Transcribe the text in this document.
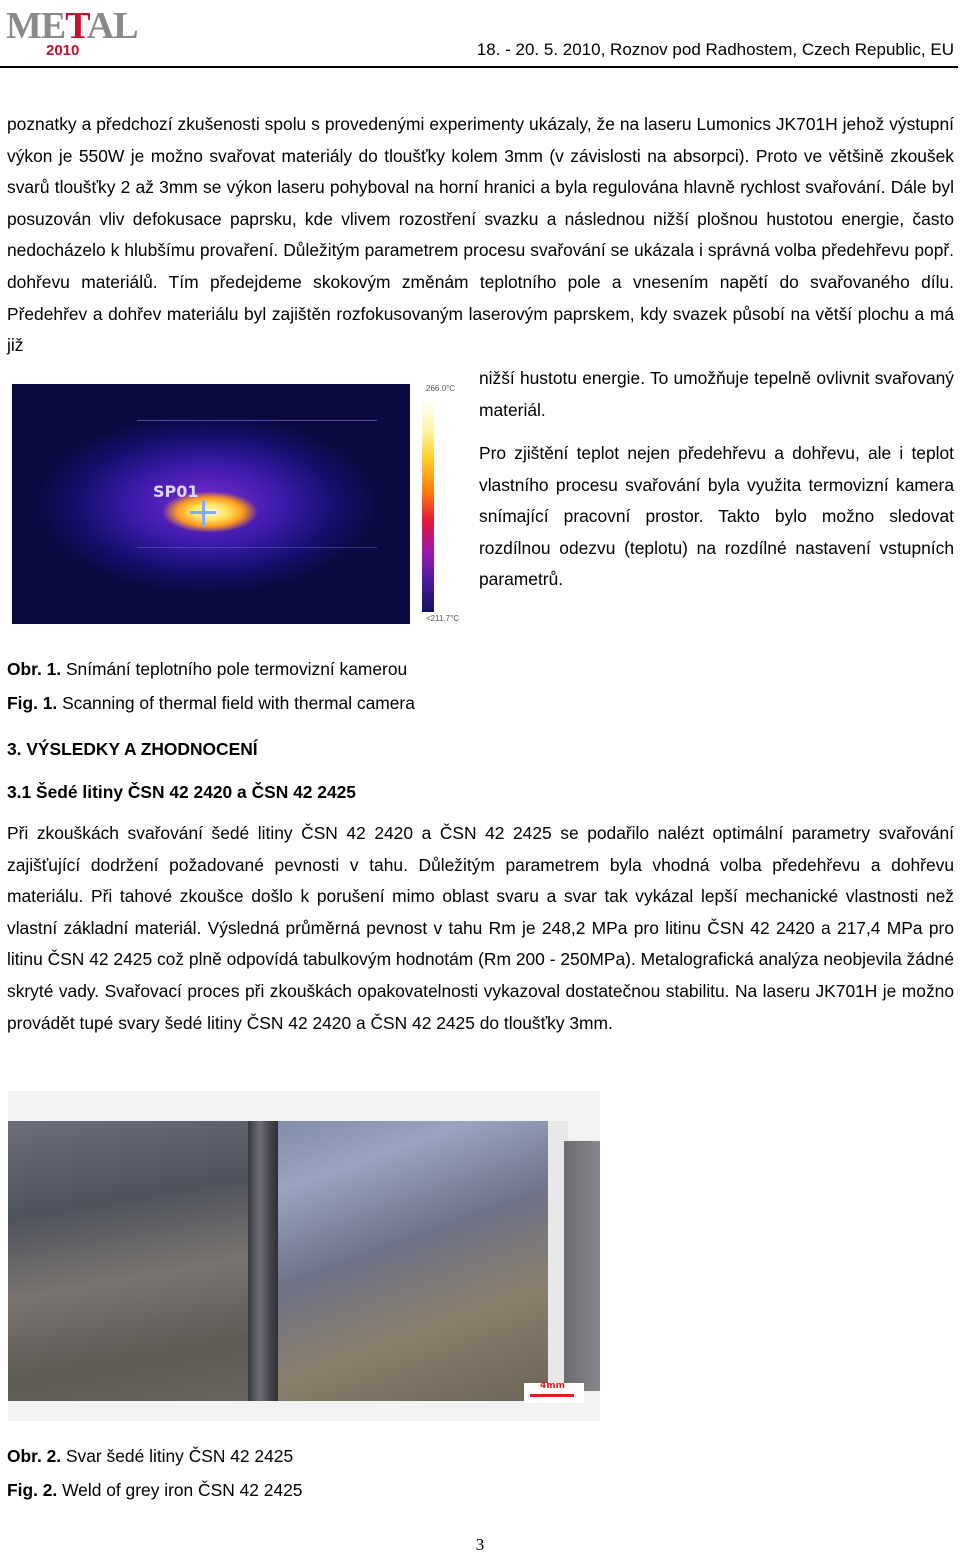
METAL
2010	18. - 20. 5. 2010, Roznov pod Radhostem, Czech Republic, EU

poznatky a předchozí zkušenosti spolu s provedenými experimenty ukázaly, že na laseru Lumonics JK701H jehož výstupní výkon je 550W je možno svařovat materiály do tloušťky kolem 3mm (v závislosti na absorpci). Proto ve většině zkoušek svarů tloušťky 2 až 3mm se výkon laseru pohyboval na horní hranici a byla regulována hlavně rychlost svařování. Dále byl posuzován vliv defokusace paprsku, kde vlivem rozostření svazku a následnou nižší plošnou hustotou energie, často nedocházelo k hlubšímu provaření. Důležitým parametrem procesu svařování se ukázala i správná volba předehřevu popř. dohřevu materiálů. Tím předejdeme skokovým změnám teplotního pole a vnesením napětí do svařovaného dílu. Předehřev a dohřev materiálu byl zajištěn rozfokusovaným laserovým paprskem, kdy svazek působí na větší plochu a má již

SP01
266.0°C
<211.7°C

nižší hustotu energie. To umožňuje tepelně ovlivnit svařovaný materiál.

Pro zjištění teplot nejen předehřevu a dohřevu, ale i teplot vlastního procesu svařování byla využita termovizní kamera snímající pracovní prostor. Takto bylo možno sledovat rozdílnou odezvu (teplotu) na rozdílné nastavení vstupních parametrů.

Obr. 1. Snímání teplotního pole termovizní kamerou

Fig. 1. Scanning of thermal field with thermal camera

3. VÝSLEDKY A ZHODNOCENÍ
3.1 Šedé litiny ČSN 42 2420 a ČSN 42 2425

Při zkouškách svařování šedé litiny ČSN 42 2420 a ČSN 42 2425 se podařilo nalézt optimální parametry svařování zajišťující dodržení požadované pevnosti v tahu. Důležitým parametrem byla vhodná volba předehřevu a dohřevu materiálu. Při tahové zkoušce došlo k porušení mimo oblast svaru a svar tak vykázal lepší mechanické vlastnosti než vlastní základní materiál. Výsledná průměrná pevnost v tahu Rm je 248,2 MPa pro litinu ČSN 42 2420 a 217,4 MPa pro litinu ČSN 42 2425 což plně odpovídá tabulkovým hodnotám (Rm 200 - 250MPa). Metalografická analýza neobjevila žádné skryté vady. Svařovací proces při zkouškách opakovatelnosti vykazoval dostatečnou stabilitu. Na laseru JK701H je možno provádět tupé svary šedé litiny ČSN 42 2420 a ČSN 42 2425 do tloušťky 3mm.

4mm

Obr. 2. Svar šedé litiny ČSN 42 2425

Fig. 2. Weld of grey iron ČSN 42 2425

3
